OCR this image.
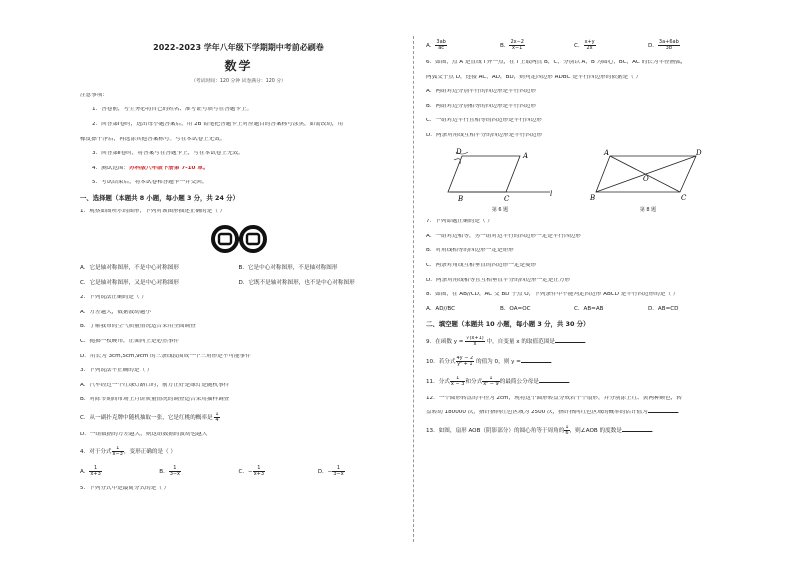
2022-2023 学年八年级下学期期中考前必刷卷
数学
（考试时间：120 分钟 试卷满分：120 分）
注意事项：
1．答卷前，考生务必将自己的姓名、准考证号填写在答题卡上。
2．回答第Ⅰ卷时，选出每小题答案后，用 2B 铅笔把答题卡上对应题目的答案标号涂黑，如需改动，用
橡皮擦干净后，再选涂其他答案标号。写在本试卷上无效。
3．回答第Ⅱ卷时，将答案写在答题卡上，写在本试卷上无效。
4．测试范围：苏科版八年级下册第 7-10 章。
5．考试结束后，将本试卷和答题卡一并交回。
一、选择题（本题共 8 小题，每小题 3 分，共 24 分）
1．观察如图所示的图形，下列对该图形描述正确的是（ ）
A．它是轴对称图形，不是中心对称图形	B．它是中心对称图形，不是轴对称图形
C．它是轴对称图形，又是中心对称图形	D．它既不是轴对称图形，也不是中心对称图形
2．下列说法正确的是（ ）
A．方差越大，数据波动越小
B．了解我市的空气质量情况适合采用全面调查
C．抛掷一枚硬币，正面向上是必然事件
D．用长为 3cm,5cm,9cm 的三条线段围成一个三角形是不可能事件
3．下列说法不正确的是（ ）
A．汽车经过一个红绿灯路口时，前方正好是绿灯是随机事件
B．对除节期间市场上月饼质量情况的调查适合采用抽样调查
C．从一副扑克牌中随机抽取一张，它是红桃的概率是 $\frac{1}{4}$
D．一组数据的方差越大，则这组数据的波动也越大
4．对于分式 $\frac{1}{x-3}$ ，变形正确的是（ ）
A． $\frac{1}{x+3}$	B． $\frac{1}{3-x}$	C．− $\frac{1}{x+3}$	D．− $\frac{1}{3-x}$
5．下列分式中是最简分式的是（ ）
A． $\frac{3ab}{ac}$	B． $\frac{2x-2}{x-1}$	C． $\frac{x+y}{2x}$	D． $\frac{3a+6ab}{3b}$
6．如图，点 A 是直线 l 外一点，在 l 上取两点 B，C，分别以 A，B 为圆心，BC，AC 的长为半径画弧，
两弧交于点 D，连接 AC，AD，BD，则判定四边形 ADBC 是平行四边形的依据是（ ）
A．两组对边分别平行的四边形是平行四边形
B．两组对边分别相等的四边形是平行四边形
C．一组对边平行且相等的四边形是平行四边形
D．两条对角线互相平分的四边形是平行四边形
D	A
B	C
l
第 6 题
A	D
B	C
O
第 8 题
7．下列命题正确的是（ ）
A．一组对边相等，另一组对边平行的四边形一定是平行四边形
B．对角线相等的四边形一定是矩形
C．两条对角线互相垂直的四边形一定是菱形
D．两条对角线相等且互相垂直平分的四边形一定是正方形
8．如图，在 AB//CD，AC 交 BD 于点 O，下列条件中不能判定四边形 ABCD 是平行四边形的是（ ）
A．AD//BC	B．OA=OC	C．AB=AB	D．AB=CD
二、填空题（本题共 10 小题，每小题 3 分，共 30 分）
9．在函数 $y = \frac{√(x+1)}{x}$ 中，自变量 x 的取值范围是	．
10．若分式 $\frac{4y - 2}{\text{y² + 1}}$ 的值为 0，则 y =	．
11．分式 $\frac{1}{x - 3}$ 和分式 $\frac{1}{\text{x² − 9}}$ 的最简公分母是	．
12．一个圆形转盘的半径为 2cm，现将这个圆形转盘分成若干个扇形，并分别涂上红、黄两种颜色，转
盘转动 180000 次，指针指向红色区域为 2500 次，指针指向红色区域的概率的估计值为	．
13．如图，扇形 AOB（阴影部分）的圆心角等于周角的 $\frac{1}{6}$ ，则∠AOB 的度数是	．
